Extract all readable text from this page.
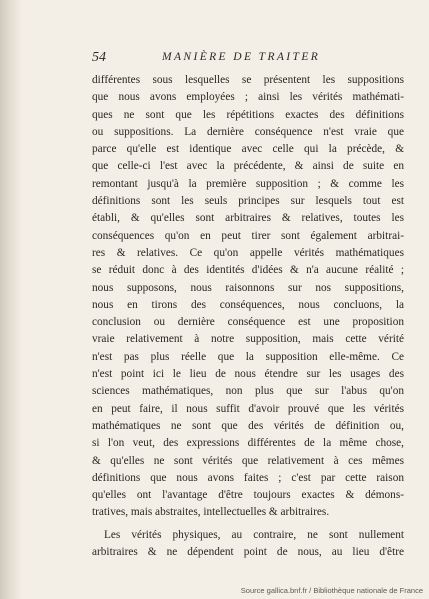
54	MANIÈRE DE TRAITER
différentes sous lesquelles se présentent les suppositions
que nous avons employées ; ainsi les vérités mathémati-
ques ne sont que les répétitions exactes des définitions
ou suppositions. La dernière conséquence n'est vraie que
parce qu'elle est identique avec celle qui la précède, &
que celle-ci l'est avec la précédente, & ainsi de suite en
remontant jusqu'à la première supposition ; & comme les
définitions sont les seuls principes sur lesquels tout est
établi, & qu'elles sont arbitraires & relatives, toutes les
conséquences qu'on en peut tirer sont également arbitrai-
res & relatives. Ce qu'on appelle vérités mathématiques
se réduit donc à des identités d'idées & n'a aucune réalité ;
nous supposons, nous raisonnons sur nos suppositions,
nous en tirons des conséquences, nous concluons, la
conclusion ou dernière conséquence est une proposition
vraie relativement à notre supposition, mais cette vérité
n'est pas plus réelle que la supposition elle-même. Ce
n'est point ici le lieu de nous étendre sur les usages des
sciences mathématiques, non plus que sur l'abus qu'on
en peut faire, il nous suffit d'avoir prouvé que les vérités
mathématiques ne sont que des vérités de définition ou,
si l'on veut, des expressions différentes de la même chose,
& qu'elles ne sont vérités que relativement à ces mêmes
définitions que nous avons faites ; c'est par cette raison
qu'elles ont l'avantage d'être toujours exactes & démons-
tratives, mais abstraites, intellectuelles & arbitraires.
Les vérités physiques, au contraire, ne sont nullement
arbitraires & ne dépendent point de nous, au lieu d'être
Source gallica.bnf.fr / Bibliothèque nationale de France
